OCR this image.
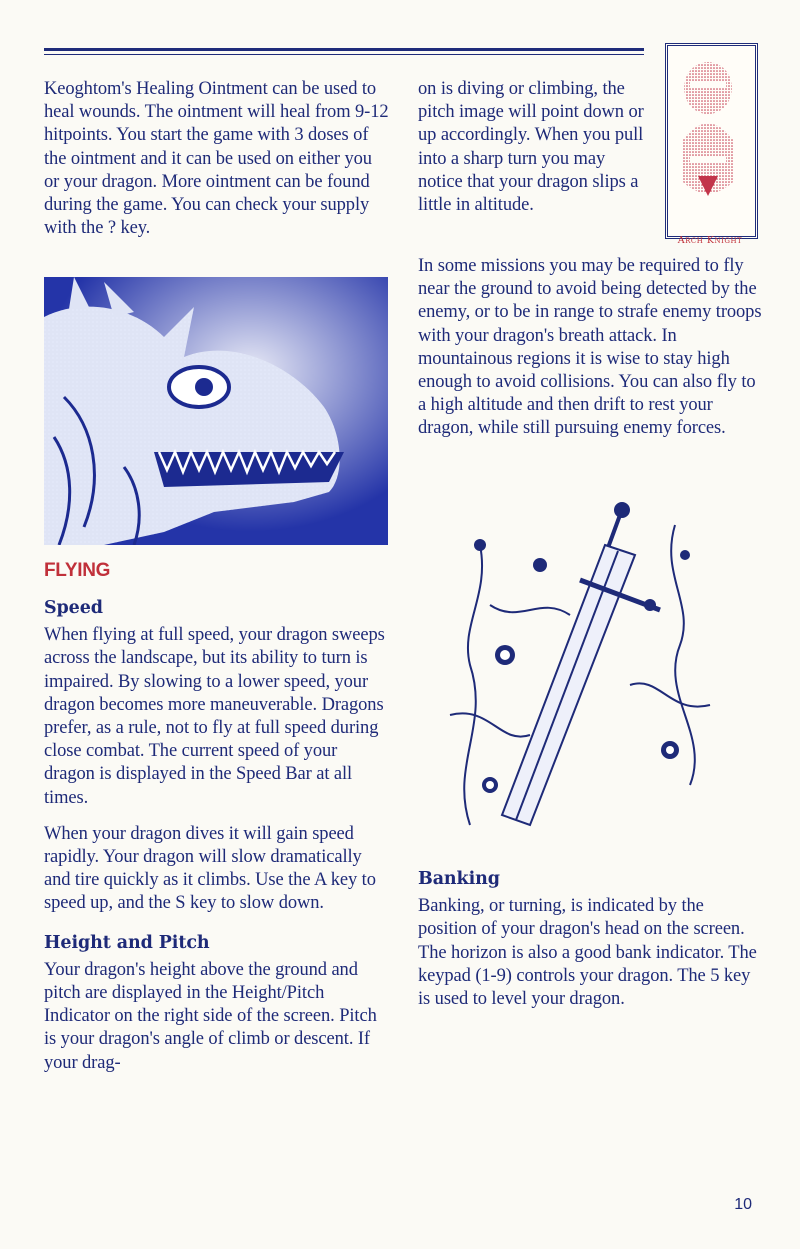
Keoghtom's Healing Ointment can be used to heal wounds. The ointment will heal from 9-12 hitpoints. You start the game with 3 doses of the ointment and it can be used on either you or your dragon. More ointment can be found during the game. You can check your supply with the ? key.

on is diving or climbing, the pitch image will point down or up accordingly. When you pull into a sharp turn you may notice that your dragon slips a little in altitude.

Arch Knight

In some missions you may be required to fly near the ground to avoid being detected by the enemy, or to be in range to strafe enemy troops with your dragon's breath attack. In mountainous regions it is wise to stay high enough to avoid collisions. You can also fly to a high altitude and then drift to rest your dragon, while still pursuing enemy forces.

FLYING
Speed

When flying at full speed, your dragon sweeps across the landscape, but its ability to turn is impaired. By slowing to a lower speed, your dragon becomes more maneuverable. Dragons prefer, as a rule, not to fly at full speed during close combat. The current speed of your dragon is displayed in the Speed Bar at all times.

When your dragon dives it will gain speed rapidly. Your dragon will slow dramatically and tire quickly as it climbs. Use the A key to speed up, and the S key to slow down.

Height and Pitch

Your dragon's height above the ground and pitch are displayed in the Height/Pitch Indicator on the right side of the screen. Pitch is your dragon's angle of climb or descent. If your drag-

Banking

Banking, or turning, is indicated by the position of your dragon's head on the screen. The horizon is also a good bank indicator. The keypad (1-9) controls your dragon. The 5 key is used to level your dragon.

10
